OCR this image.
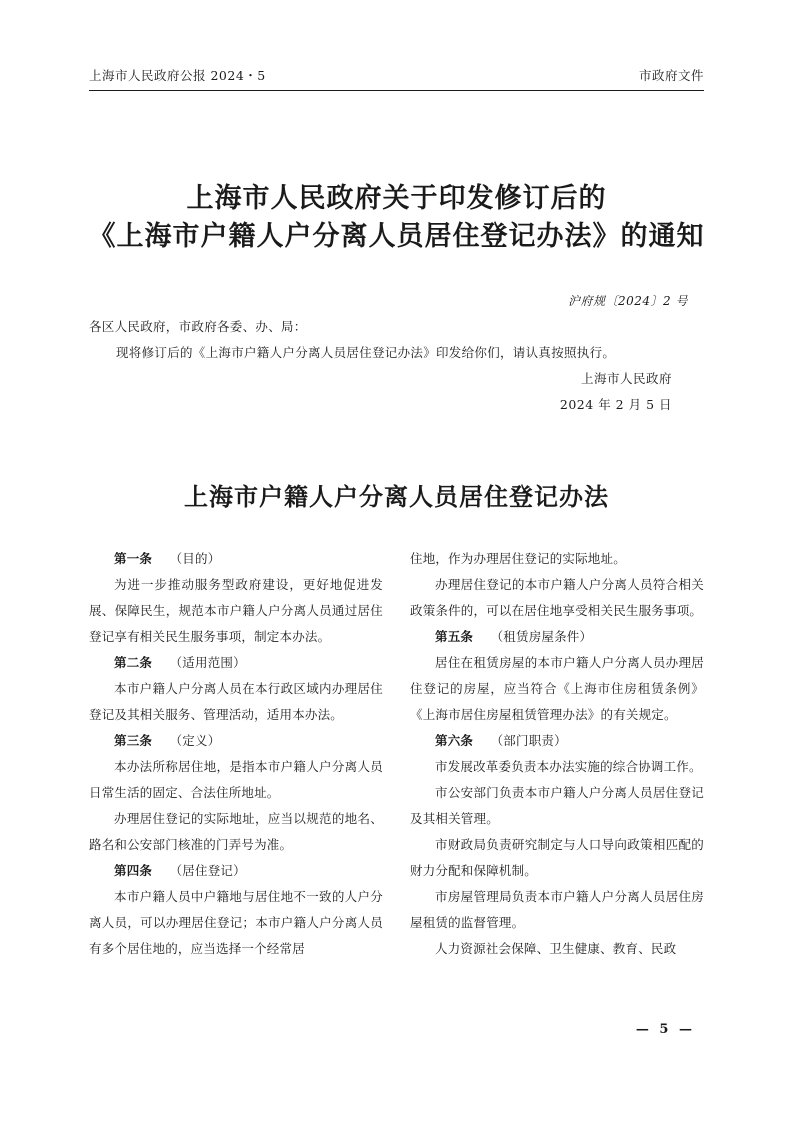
上海市人民政府公报 2024・5	市政府文件
上海市人民政府关于印发修订后的
《上海市户籍人户分离人员居住登记办法》的通知
沪府规〔2024〕2 号
各区人民政府，市政府各委、办、局：
现将修订后的《上海市户籍人户分离人员居住登记办法》印发给你们，请认真按照执行。
上海市人民政府
2024 年 2 月 5 日
上海市户籍人户分离人员居住登记办法

第一条 （目的）

为进一步推动服务型政府建设，更好地促进发展、保障民生，规范本市户籍人户分离人员通过居住登记享有相关民生服务事项，制定本办法。

第二条 （适用范围）

本市户籍人户分离人员在本行政区域内办理居住登记及其相关服务、管理活动，适用本办法。

第三条 （定义）

本办法所称居住地，是指本市户籍人户分离人员日常生活的固定、合法住所地址。

办理居住登记的实际地址，应当以规范的地名、路名和公安部门核准的门弄号为准。

第四条 （居住登记）

本市户籍人员中户籍地与居住地不一致的人户分离人员，可以办理居住登记；本市户籍人户分离人员有多个居住地的，应当选择一个经常居

住地，作为办理居住登记的实际地址。

办理居住登记的本市户籍人户分离人员符合相关政策条件的，可以在居住地享受相关民生服务事项。

第五条 （租赁房屋条件）

居住在租赁房屋的本市户籍人户分离人员办理居住登记的房屋，应当符合《上海市住房租赁条例》《上海市居住房屋租赁管理办法》的有关规定。

第六条 （部门职责）

市发展改革委负责本办法实施的综合协调工作。

市公安部门负责本市户籍人户分离人员居住登记及其相关管理。

市财政局负责研究制定与人口导向政策相匹配的财力分配和保障机制。

市房屋管理局负责本市户籍人户分离人员居住房屋租赁的监督管理。

人力资源社会保障、卫生健康、教育、民政

— 5 —
